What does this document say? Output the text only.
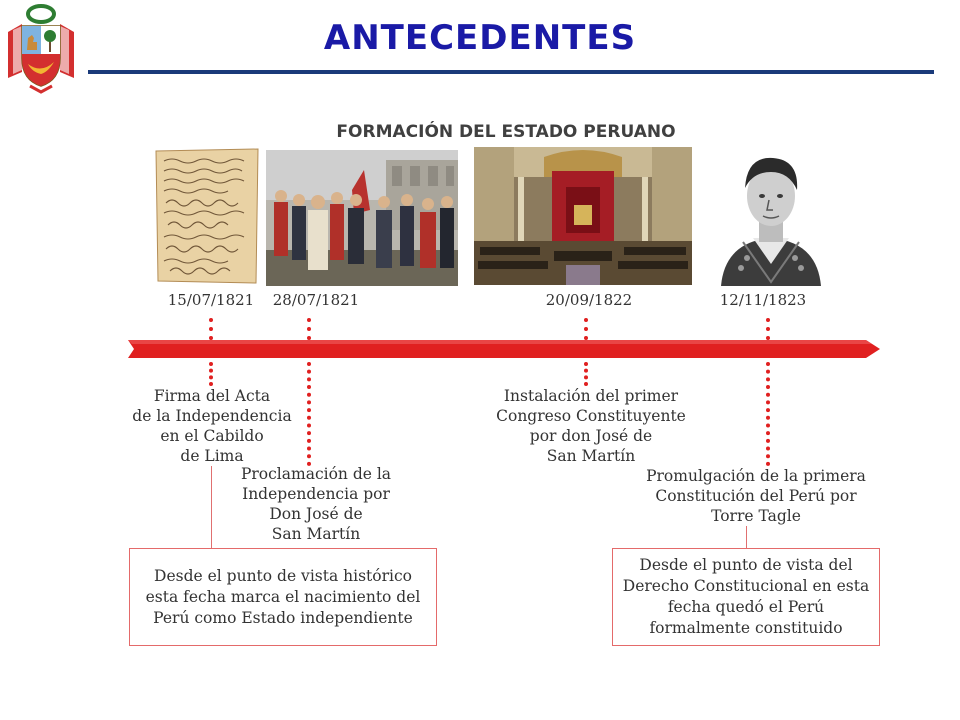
ANTECEDENTES
FORMACIÓN DEL ESTADO PERUANO
15/07/1821	28/07/1821	20/09/1822	12/11/1823
Firma del Acta
de la Independencia
en el Cabildo
de Lima
Proclamación de la
Independencia por
Don José de
San Martín
Instalación del primer
Congreso Constituyente
por don José de
San Martín
Promulgación de la primera
Constitución del Perú por
Torre Tagle
Desde el punto de vista histórico esta fecha marca el nacimiento del Perú como Estado independiente
Desde el punto de vista del Derecho Constitucional en esta fecha quedó el Perú formalmente constituido
